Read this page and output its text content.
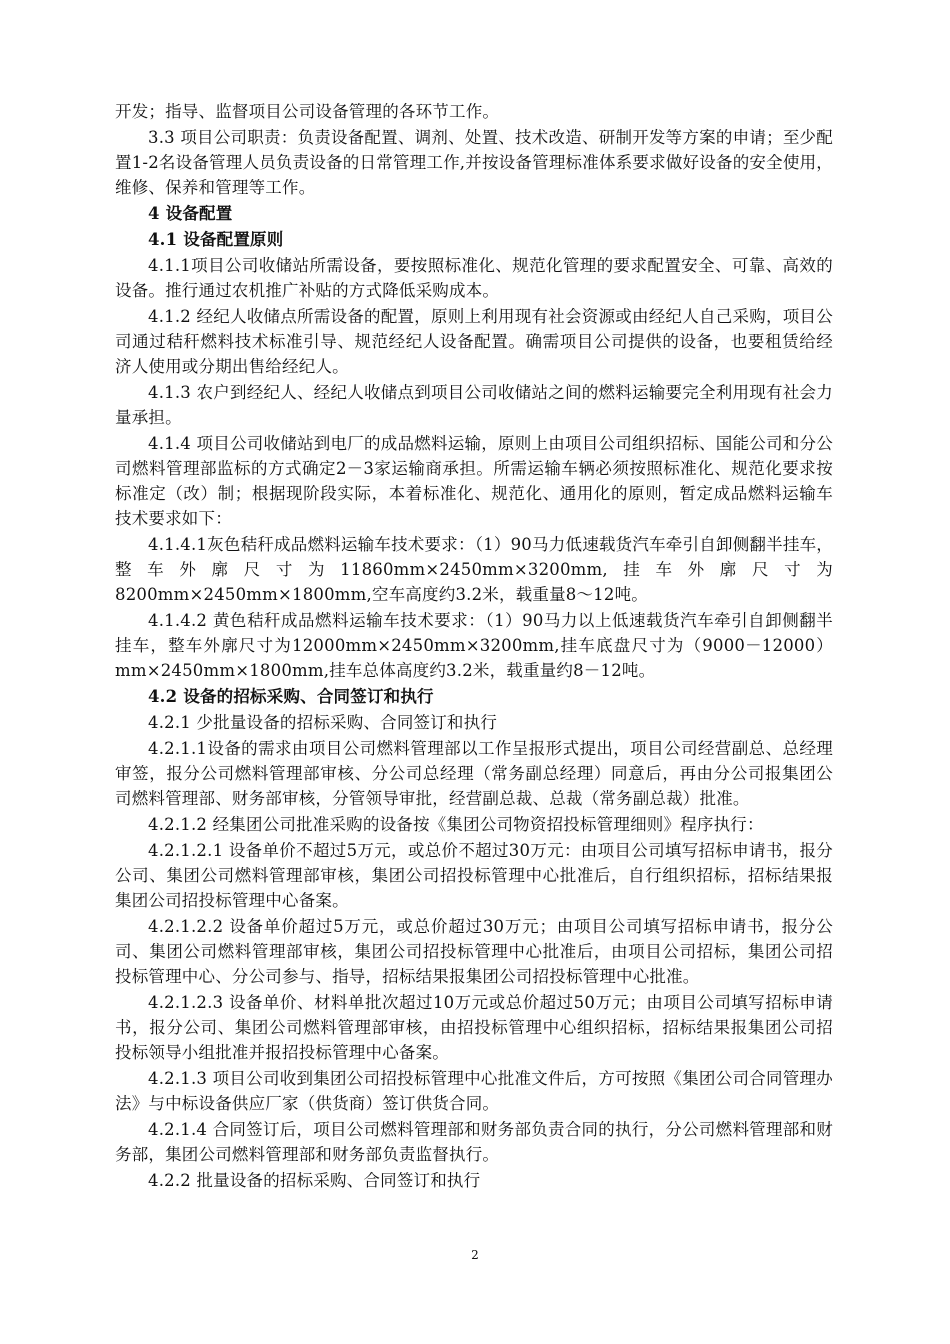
开发；指导、监督项目公司设备管理的各环节工作。

3.3 项目公司职责：负责设备配置、调剂、处置、技术改造、研制开发等方案的申请；至少配置1-2名设备管理人员负责设备的日常管理工作,并按设备管理标准体系要求做好设备的安全使用，维修、保养和管理等工作。

4 设备配置

4.1 设备配置原则

4.1.1项目公司收储站所需设备，要按照标准化、规范化管理的要求配置安全、可靠、高效的设备。推行通过农机推广补贴的方式降低采购成本。

4.1.2 经纪人收储点所需设备的配置，原则上利用现有社会资源或由经纪人自己采购，项目公司通过秸秆燃料技术标准引导、规范经纪人设备配置。确需项目公司提供的设备，也要租赁给经济人使用或分期出售给经纪人。

4.1.3 农户到经纪人、经纪人收储点到项目公司收储站之间的燃料运输要完全利用现有社会力量承担。

4.1.4 项目公司收储站到电厂的成品燃料运输，原则上由项目公司组织招标、国能公司和分公司燃料管理部监标的方式确定2－3家运输商承担。所需运输车辆必须按照标准化、规范化要求按标准定（改）制；根据现阶段实际，本着标准化、规范化、通用化的原则，暂定成品燃料运输车技术要求如下：

4.1.4.1灰色秸秆成品燃料运输车技术要求：（1）90马力低速载货汽车牵引自卸侧翻半挂车，整车外廓尺寸为11860mm×2450mm×3200mm,挂车外廓尺寸为8200mm×2450mm×1800mm,空车高度约3.2米，载重量8～12吨。

4.1.4.2 黄色秸秆成品燃料运输车技术要求：（1）90马力以上低速载货汽车牵引自卸侧翻半挂车，整车外廓尺寸为12000mm×2450mm×3200mm,挂车底盘尺寸为（9000－12000）mm×2450mm×1800mm,挂车总体高度约3.2米，载重量约8－12吨。

4.2 设备的招标采购、合同签订和执行

4.2.1 少批量设备的招标采购、合同签订和执行

4.2.1.1设备的需求由项目公司燃料管理部以工作呈报形式提出，项目公司经营副总、总经理审签，报分公司燃料管理部审核、分公司总经理（常务副总经理）同意后，再由分公司报集团公司燃料管理部、财务部审核，分管领导审批，经营副总裁、总裁（常务副总裁）批准。

4.2.1.2 经集团公司批准采购的设备按《集团公司物资招投标管理细则》程序执行：

4.2.1.2.1 设备单价不超过5万元，或总价不超过30万元：由项目公司填写招标申请书，报分公司、集团公司燃料管理部审核，集团公司招投标管理中心批准后，自行组织招标，招标结果报集团公司招投标管理中心备案。

4.2.1.2.2 设备单价超过5万元，或总价超过30万元；由项目公司填写招标申请书，报分公司、集团公司燃料管理部审核，集团公司招投标管理中心批准后，由项目公司招标，集团公司招投标管理中心、分公司参与、指导，招标结果报集团公司招投标管理中心批准。

4.2.1.2.3 设备单价、材料单批次超过10万元或总价超过50万元；由项目公司填写招标申请书，报分公司、集团公司燃料管理部审核，由招投标管理中心组织招标，招标结果报集团公司招投标领导小组批准并报招投标管理中心备案。

4.2.1.3 项目公司收到集团公司招投标管理中心批准文件后，方可按照《集团公司合同管理办法》与中标设备供应厂家（供货商）签订供货合同。

4.2.1.4 合同签订后，项目公司燃料管理部和财务部负责合同的执行，分公司燃料管理部和财务部，集团公司燃料管理部和财务部负责监督执行。

4.2.2 批量设备的招标采购、合同签订和执行

2
